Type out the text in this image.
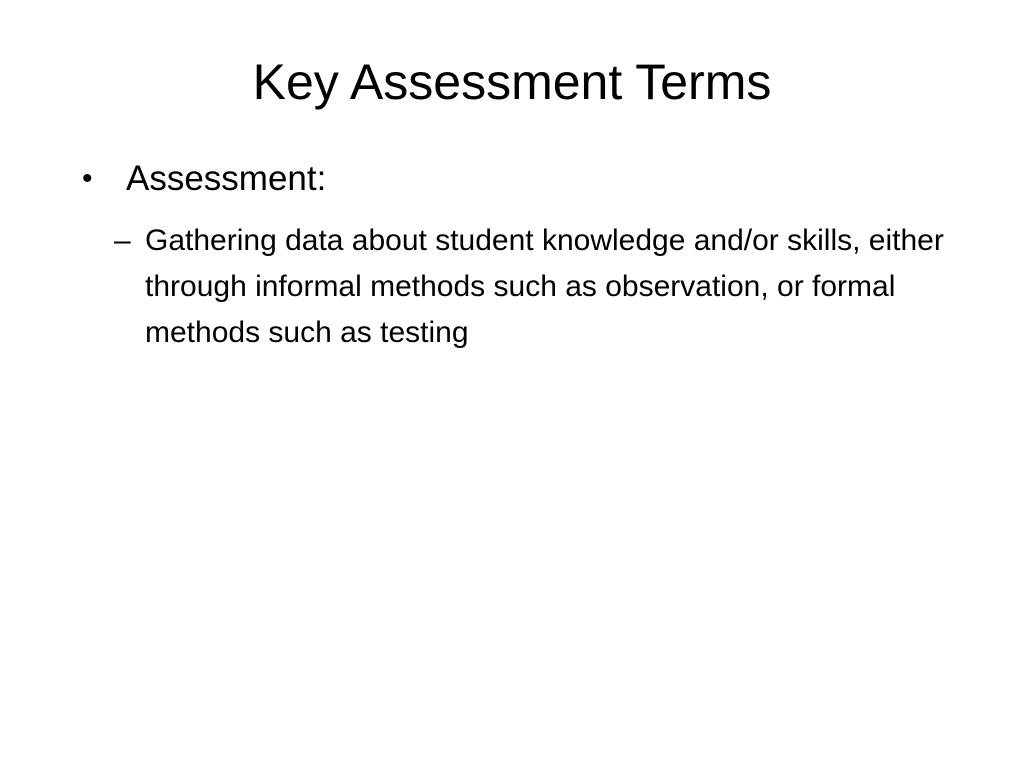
Key Assessment Terms
• Assessment:
– Gathering data about student knowledge and/or skills, either through informal methods such as observation, or formal methods such as testing
